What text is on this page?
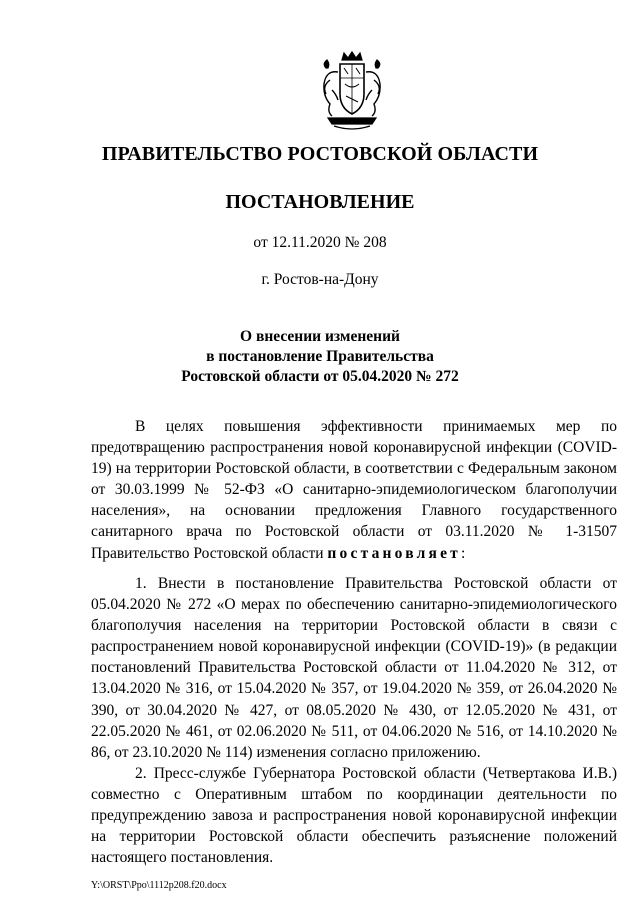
ПРАВИТЕЛЬСТВО РОСТОВСКОЙ ОБЛАСТИ
ПОСТАНОВЛЕНИЕ
от 12.11.2020 № 208
г. Ростов-на-Дону
О внесении изменений
в постановление Правительства
Ростовской области от 05.04.2020 № 272

В целях повышения эффективности принимаемых мер по предотвращению распространения новой коронавирусной инфекции (COVID-19) на территории Ростовской области, в соответствии с Федеральным законом от 30.03.1999 № 52-ФЗ «О санитарно-эпидемиологическом благополучии населения», на основании предложения Главного государственного санитарного врача по Ростовской области от 03.11.2020 № 1-31507 Правительство Ростовской области постановляет:

1. Внести в постановление Правительства Ростовской области от 05.04.2020 № 272 «О мерах по обеспечению санитарно-эпидемиологического благополучия населения на территории Ростовской области в связи с распространением новой коронавирусной инфекции (COVID-19)» (в редакции постановлений Правительства Ростовской области от 11.04.2020 № 312, от 13.04.2020 № 316, от 15.04.2020 № 357, от 19.04.2020 № 359, от 26.04.2020 № 390, от 30.04.2020 № 427, от 08.05.2020 № 430, от 12.05.2020 № 431, от 22.05.2020 № 461, от 02.06.2020 № 511, от 04.06.2020 № 516, от 14.10.2020 № 86, от 23.10.2020 № 114) изменения согласно приложению.

2. Пресс-службе Губернатора Ростовской области (Четвертакова И.В.) совместно с Оперативным штабом по координации деятельности по предупреждению завоза и распространения новой коронавирусной инфекции на территории Ростовской области обеспечить разъяснение положений настоящего постановления.

Y:\ORST\Ppo\1112p208.f20.docx
